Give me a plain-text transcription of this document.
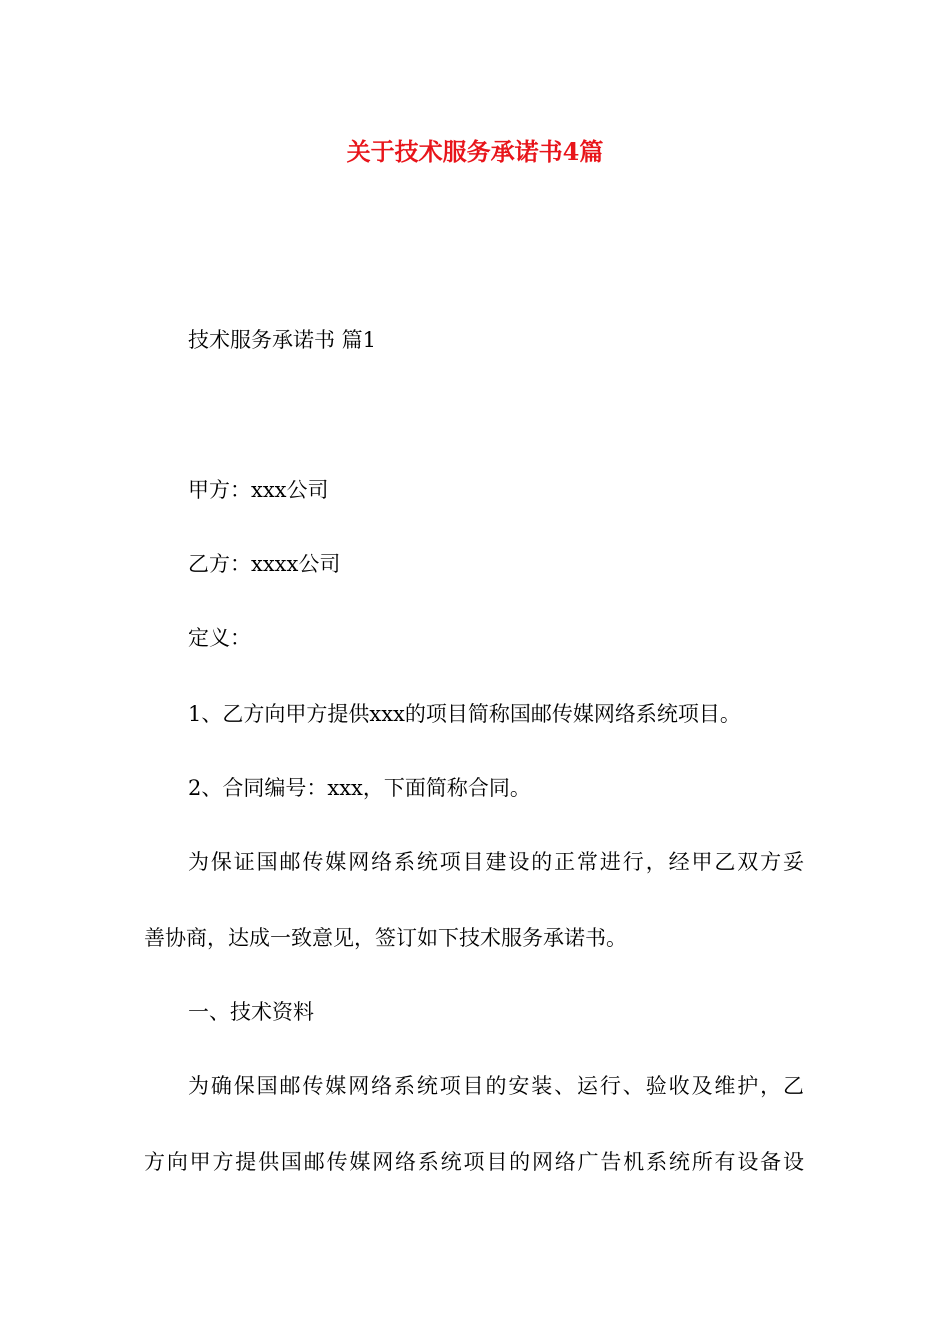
关于技术服务承诺书4篇

技术服务承诺书 篇1

甲方：xxx公司

乙方：xxxx公司

定义：

1、乙方向甲方提供xxx的项目简称国邮传媒网络系统项目。

2、合同编号：xxx，下面简称合同。

为保证国邮传媒网络系统项目建设的正常进行，经甲乙双方妥

善协商，达成一致意见，签订如下技术服务承诺书。

一、技术资料

为确保国邮传媒网络系统项目的安装、运行、验收及维护，乙

方向甲方提供国邮传媒网络系统项目的网络广告机系统所有设备设
